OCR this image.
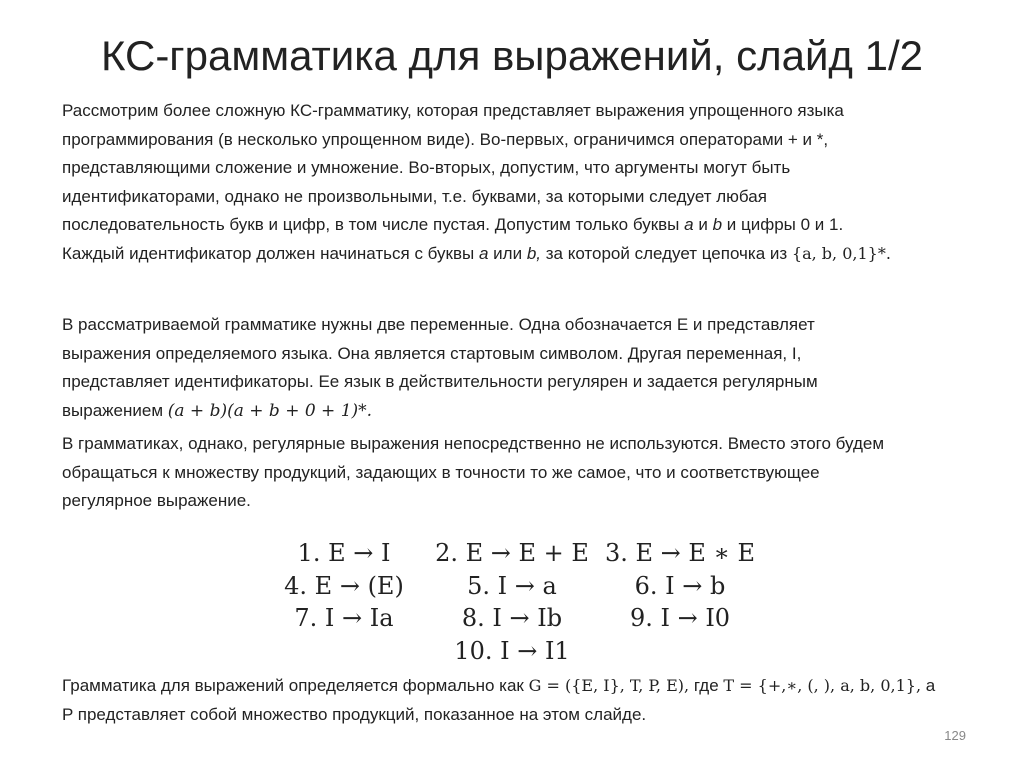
КС-грамматика для выражений, слайд 1/2
Рассмотрим более сложную КС-грамматику, которая представляет выражения упрощенного языка
программирования (в несколько упрощенном виде). Во-первых, ограничимся операторами + и *,
представляющими сложение и умножение. Во-вторых, допустим, что аргументы могут быть
идентификаторами, однако не произвольными, т.е. буквами, за которыми следует любая
последовательность букв и цифр, в том числе пустая. Допустим только буквы a и b и цифры 0 и 1.
Каждый идентификатор должен начинаться с буквы a или b, за которой следует цепочка из {a, b, 0,1}*.
В рассматриваемой грамматике нужны две переменные. Одна обозначается E и представляет
выражения определяемого языка. Она является стартовым символом. Другая переменная, I,
представляет идентификаторы. Ее язык в действительности регулярен и задается регулярным
выражением (a + b)(a + b + 0 + 1)*.
В грамматиках, однако, регулярные выражения непосредственно не используются. Вместо этого будем
обращаться к множеству продукций, задающих в точности то же самое, что и соответствующее
регулярное выражение.
1. E → I	2. E → E + E 3. E → E ∗ E
4. E → (E)	5. I → a	6. I → b
7. I → Ia	8. I → Ib	9. I → I0
10. I → I1
Грамматика для выражений определяется формально как G = ({E, I}, T, P, E), где T = {+,∗, (, ), a, b, 0,1}, а
P представляет собой множество продукций, показанное на этом слайде.
129
